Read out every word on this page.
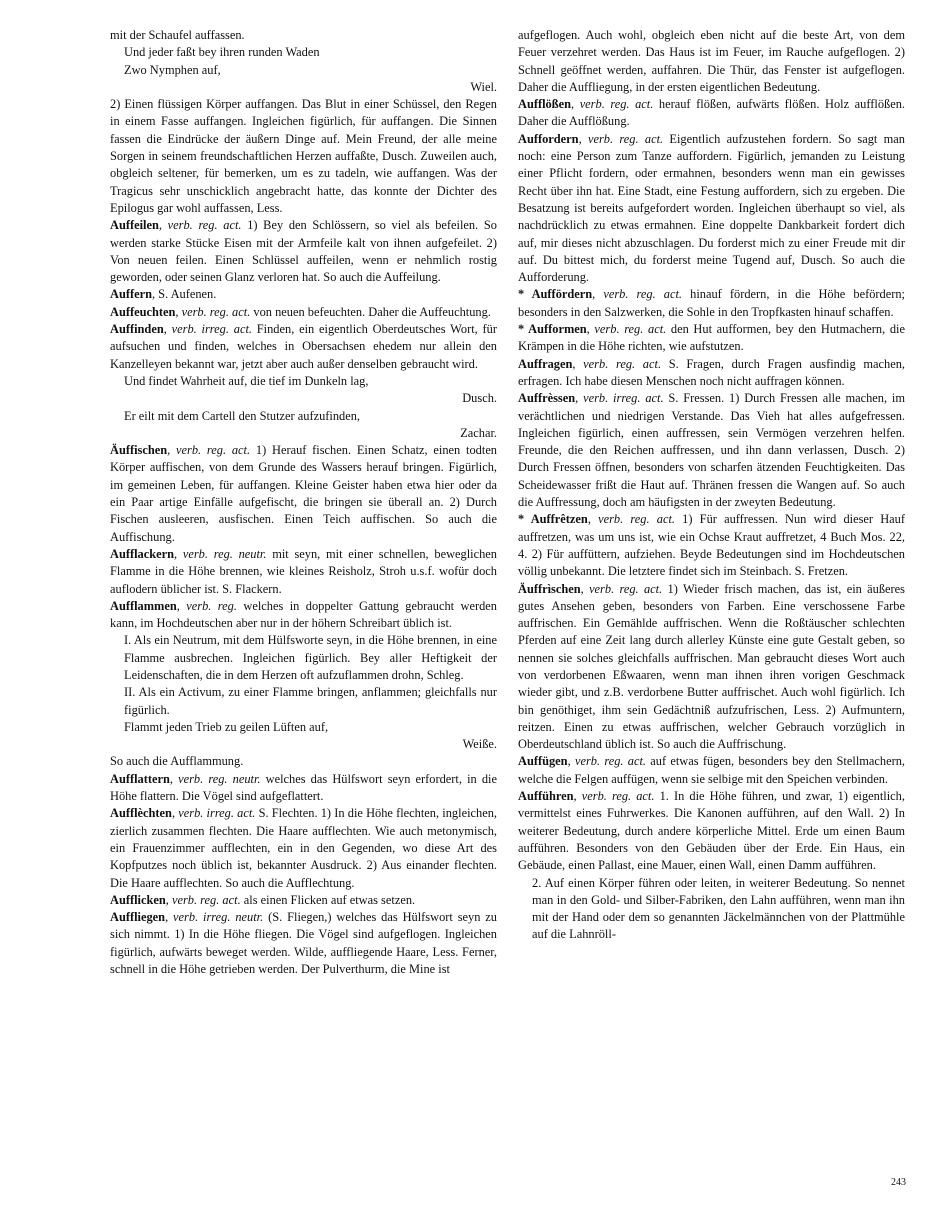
mit der Schaufel auffassen.

Und jeder faßt bey ihren runden Waden

Zwo Nymphen auf,

Wiel.

2) Einen flüssigen Körper auffangen. Das Blut in einer Schüssel, den Regen in einem Fasse auffangen. Ingleichen figürlich, für auffangen. Die Sinnen fassen die Eindrücke der äußern Dinge auf. Mein Freund, der alle meine Sorgen in seinem freundschaftlichen Herzen auffaßte, Dusch. Zuweilen auch, obgleich seltener, für bemerken, um es zu tadeln, wie auffangen. Was der Tragicus sehr unschicklich angebracht hatte, das konnte der Dichter des Epilogus gar wohl auffassen, Less.

Auffeilen, verb. reg. act. 1) Bey den Schlössern, so viel als befeilen. So werden starke Stücke Eisen mit der Armfeile kalt von ihnen aufgefeilet. 2) Von neuen feilen. Einen Schlüssel auffeilen, wenn er nehmlich rostig geworden, oder seinen Glanz verloren hat. So auch die Auffeilung.

Auffern, S. Aufenen.

Auffeuchten, verb. reg. act. von neuen befeuchten. Daher die Auffeuchtung.

Auffinden, verb. irreg. act. Finden, ein eigentlich Oberdeutsches Wort, für aufsuchen und finden, welches in Obersachsen ehedem nur allein den Kanzelleyen bekannt war, jetzt aber auch außer denselben gebraucht wird.

Und findet Wahrheit auf, die tief im Dunkeln lag,

Dusch.

Er eilt mit dem Cartell den Stutzer aufzufinden,

Zachar.

Äuffischen, verb. reg. act. 1) Herauf fischen. Einen Schatz, einen todten Körper auffischen, von dem Grunde des Wassers herauf bringen. Figürlich, im gemeinen Leben, für auffangen. Kleine Geister haben etwa hier oder da ein Paar artige Einfälle aufgefischt, die bringen sie überall an. 2) Durch Fischen ausleeren, ausfischen. Einen Teich auffischen. So auch die Auffischung.

Aufflackern, verb. reg. neutr. mit seyn, mit einer schnellen, beweglichen Flamme in die Höhe brennen, wie kleines Reisholz, Stroh u.s.f. wofür doch auflodern üblicher ist. S. Flackern.

Aufflammen, verb. reg. welches in doppelter Gattung gebraucht werden kann, im Hochdeutschen aber nur in der höhern Schreibart üblich ist.

I. Als ein Neutrum, mit dem Hülfsworte seyn, in die Höhe brennen, in eine Flamme ausbrechen. Ingleichen figürlich. Bey aller Heftigkeit der Leidenschaften, die in dem Herzen oft aufzuflammen drohn, Schleg.

II. Als ein Activum, zu einer Flamme bringen, anflammen; gleichfalls nur figürlich.

Flammt jeden Trieb zu geilen Lüften auf,

Weiße.

So auch die Aufflammung.

Aufflattern, verb. reg. neutr. welches das Hülfswort seyn erfordert, in die Höhe flattern. Die Vögel sind aufgeflattert.

Aufflèchten, verb. irreg. act. S. Flechten. 1) In die Höhe flechten, ingleichen, zierlich zusammen flechten. Die Haare aufflechten. Wie auch metonymisch, ein Frauenzimmer aufflechten, ein in den Gegenden, wo diese Art des Kopfputzes noch üblich ist, bekannter Ausdruck. 2) Aus einander flechten. Die Haare aufflechten. So auch die Aufflechtung.

Aufflicken, verb. reg. act. als einen Flicken auf etwas setzen.

Auffliegen, verb. irreg. neutr. (S. Fliegen,) welches das Hülfswort seyn zu sich nimmt. 1) In die Höhe fliegen. Die Vögel sind aufgeflogen. Ingleichen figürlich, aufwärts beweget werden. Wilde, auffliegende Haare, Less. Ferner, schnell in die Höhe getrieben werden. Der Pulverthurm, die Mine ist

aufgeflogen. Auch wohl, obgleich eben nicht auf die beste Art, von dem Feuer verzehret werden. Das Haus ist im Feuer, im Rauche aufgeflogen. 2) Schnell geöffnet werden, auffahren. Die Thür, das Fenster ist aufgeflogen. Daher die Auffliegung, in der ersten eigentlichen Bedeutung.

Aufflößen, verb. reg. act. herauf flößen, aufwärts flößen. Holz aufflößen. Daher die Aufflößung.

Auffordern, verb. reg. act. Eigentlich aufzustehen fordern. So sagt man noch: eine Person zum Tanze auffordern. Figürlich, jemanden zu Leistung einer Pflicht fordern, oder ermahnen, besonders wenn man ein gewisses Recht über ihn hat. Eine Stadt, eine Festung auffordern, sich zu ergeben. Die Besatzung ist bereits aufgefordert worden. Ingleichen überhaupt so viel, als nachdrücklich zu etwas ermahnen. Eine doppelte Dankbarkeit fordert dich auf, mir dieses nicht abzuschlagen. Du forderst mich zu einer Freude mit dir auf. Du bittest mich, du forderst meine Tugend auf, Dusch. So auch die Aufforderung.

* Auffördern, verb. reg. act. hinauf fördern, in die Höhe befördern; besonders in den Salzwerken, die Sohle in den Tropfkasten hinauf schaffen.

* Aufformen, verb. reg. act. den Hut aufformen, bey den Hutmachern, die Krämpen in die Höhe richten, wie aufstutzen.

Auffragen, verb. reg. act. S. Fragen, durch Fragen ausfindig machen, erfragen. Ich habe diesen Menschen noch nicht auffragen können.

Auffrèssen, verb. irreg. act. S. Fressen. 1) Durch Fressen alle machen, im verächtlichen und niedrigen Verstande. Das Vieh hat alles aufgefressen. Ingleichen figürlich, einen auffressen, sein Vermögen verzehren helfen. Freunde, die den Reichen auffressen, und ihn dann verlassen, Dusch. 2) Durch Fressen öffnen, besonders von scharfen ätzenden Feuchtigkeiten. Das Scheidewasser frißt die Haut auf. Thränen fressen die Wangen auf. So auch die Auffressung, doch am häufigsten in der zweyten Bedeutung.

* Auffrêtzen, verb. reg. act. 1) Für auffressen. Nun wird dieser Hauf auffretzen, was um uns ist, wie ein Ochse Kraut auffretzet, 4 Buch Mos. 22, 4. 2) Für auffüttern, aufziehen. Beyde Bedeutungen sind im Hochdeutschen völlig unbekannt. Die letztere findet sich im Steinbach. S. Fretzen.

Äuffrìschen, verb. reg. act. 1) Wieder frisch machen, das ist, ein äußeres gutes Ansehen geben, besonders von Farben. Eine verschossene Farbe auffrischen. Ein Gemählde auffrischen. Wenn die Roßtäuscher schlechten Pferden auf eine Zeit lang durch allerley Künste eine gute Gestalt geben, so nennen sie solches gleichfalls auffrischen. Man gebraucht dieses Wort auch von verdorbenen Eßwaaren, wenn man ihnen ihren vorigen Geschmack wieder gibt, und z.B. verdorbene Butter auffrischet. Auch wohl figürlich. Ich bin genöthiget, ihm sein Gedächtniß aufzufrischen, Less. 2) Aufmuntern, reitzen. Einen zu etwas auffrischen, welcher Gebrauch vorzüglich in Oberdeutschland üblich ist. So auch die Auffrischung.

Auffügen, verb. reg. act. auf etwas fügen, besonders bey den Stellmachern, welche die Felgen auffügen, wenn sie selbige mit den Speichen verbinden.

Aufführen, verb. reg. act. 1. In die Höhe führen, und zwar, 1) eigentlich, vermittelst eines Fuhrwerkes. Die Kanonen aufführen, auf den Wall. 2) In weiterer Bedeutung, durch andere körperliche Mittel. Erde um einen Baum aufführen. Besonders von den Gebäuden über der Erde. Ein Haus, ein Gebäude, einen Pallast, eine Mauer, einen Wall, einen Damm aufführen.

2. Auf einen Körper führen oder leiten, in weiterer Bedeutung. So nennet man in den Gold- und Silber-Fabriken, den Lahn aufführen, wenn man ihn mit der Hand oder dem so genannten Jäckelmännchen von der Plattmühle auf die Lahnröll-

243
